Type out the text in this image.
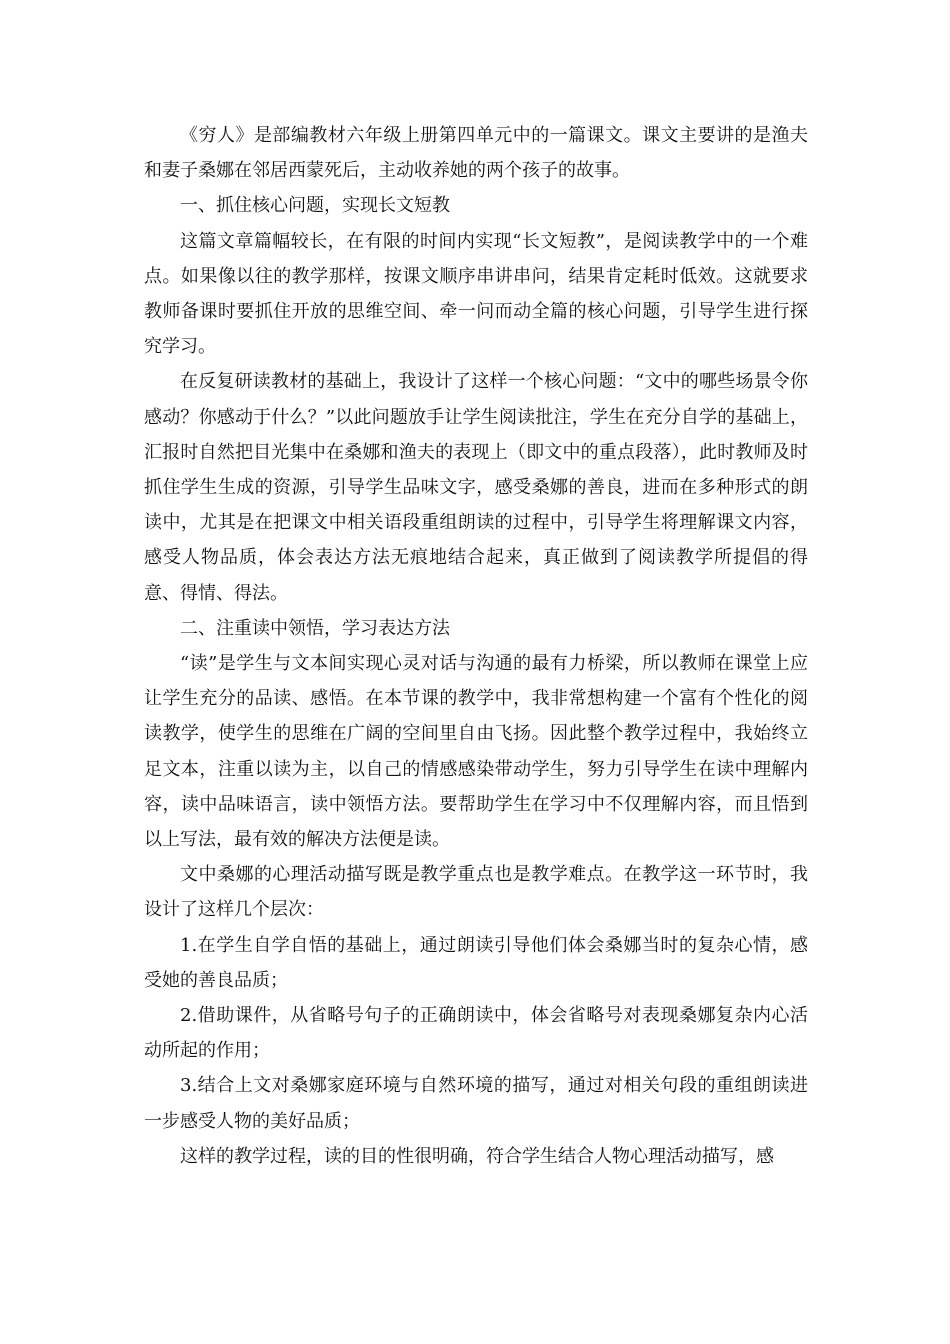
《穷人》是部编教材六年级上册第四单元中的一篇课文。课文主要讲的是渔夫和妻子桑娜在邻居西蒙死后，主动收养她的两个孩子的故事。

一、抓住核心问题，实现长文短教

这篇文章篇幅较长，在有限的时间内实现“长文短教”，是阅读教学中的一个难点。如果像以往的教学那样，按课文顺序串讲串问，结果肯定耗时低效。这就要求教师备课时要抓住开放的思维空间、牵一问而动全篇的核心问题，引导学生进行探究学习。

在反复研读教材的基础上，我设计了这样一个核心问题：“文中的哪些场景令你感动？你感动于什么？”以此问题放手让学生阅读批注，学生在充分自学的基础上，汇报时自然把目光集中在桑娜和渔夫的表现上（即文中的重点段落），此时教师及时抓住学生生成的资源，引导学生品味文字，感受桑娜的善良，进而在多种形式的朗读中，尤其是在把课文中相关语段重组朗读的过程中，引导学生将理解课文内容，感受人物品质，体会表达方法无痕地结合起来，真正做到了阅读教学所提倡的得意、得情、得法。

二、注重读中领悟，学习表达方法

“读”是学生与文本间实现心灵对话与沟通的最有力桥梁，所以教师在课堂上应让学生充分的品读、感悟。在本节课的教学中，我非常想构建一个富有个性化的阅读教学，使学生的思维在广阔的空间里自由飞扬。因此整个教学过程中，我始终立足文本，注重以读为主，以自己的情感感染带动学生，努力引导学生在读中理解内容，读中品味语言，读中领悟方法。要帮助学生在学习中不仅理解内容，而且悟到以上写法，最有效的解决方法便是读。

文中桑娜的心理活动描写既是教学重点也是教学难点。在教学这一环节时，我设计了这样几个层次：

1.在学生自学自悟的基础上，通过朗读引导他们体会桑娜当时的复杂心情，感受她的善良品质；

2.借助课件，从省略号句子的正确朗读中，体会省略号对表现桑娜复杂内心活动所起的作用；

3.结合上文对桑娜家庭环境与自然环境的描写，通过对相关句段的重组朗读进一步感受人物的美好品质；

这样的教学过程，读的目的性很明确，符合学生结合人物心理活动描写，感
